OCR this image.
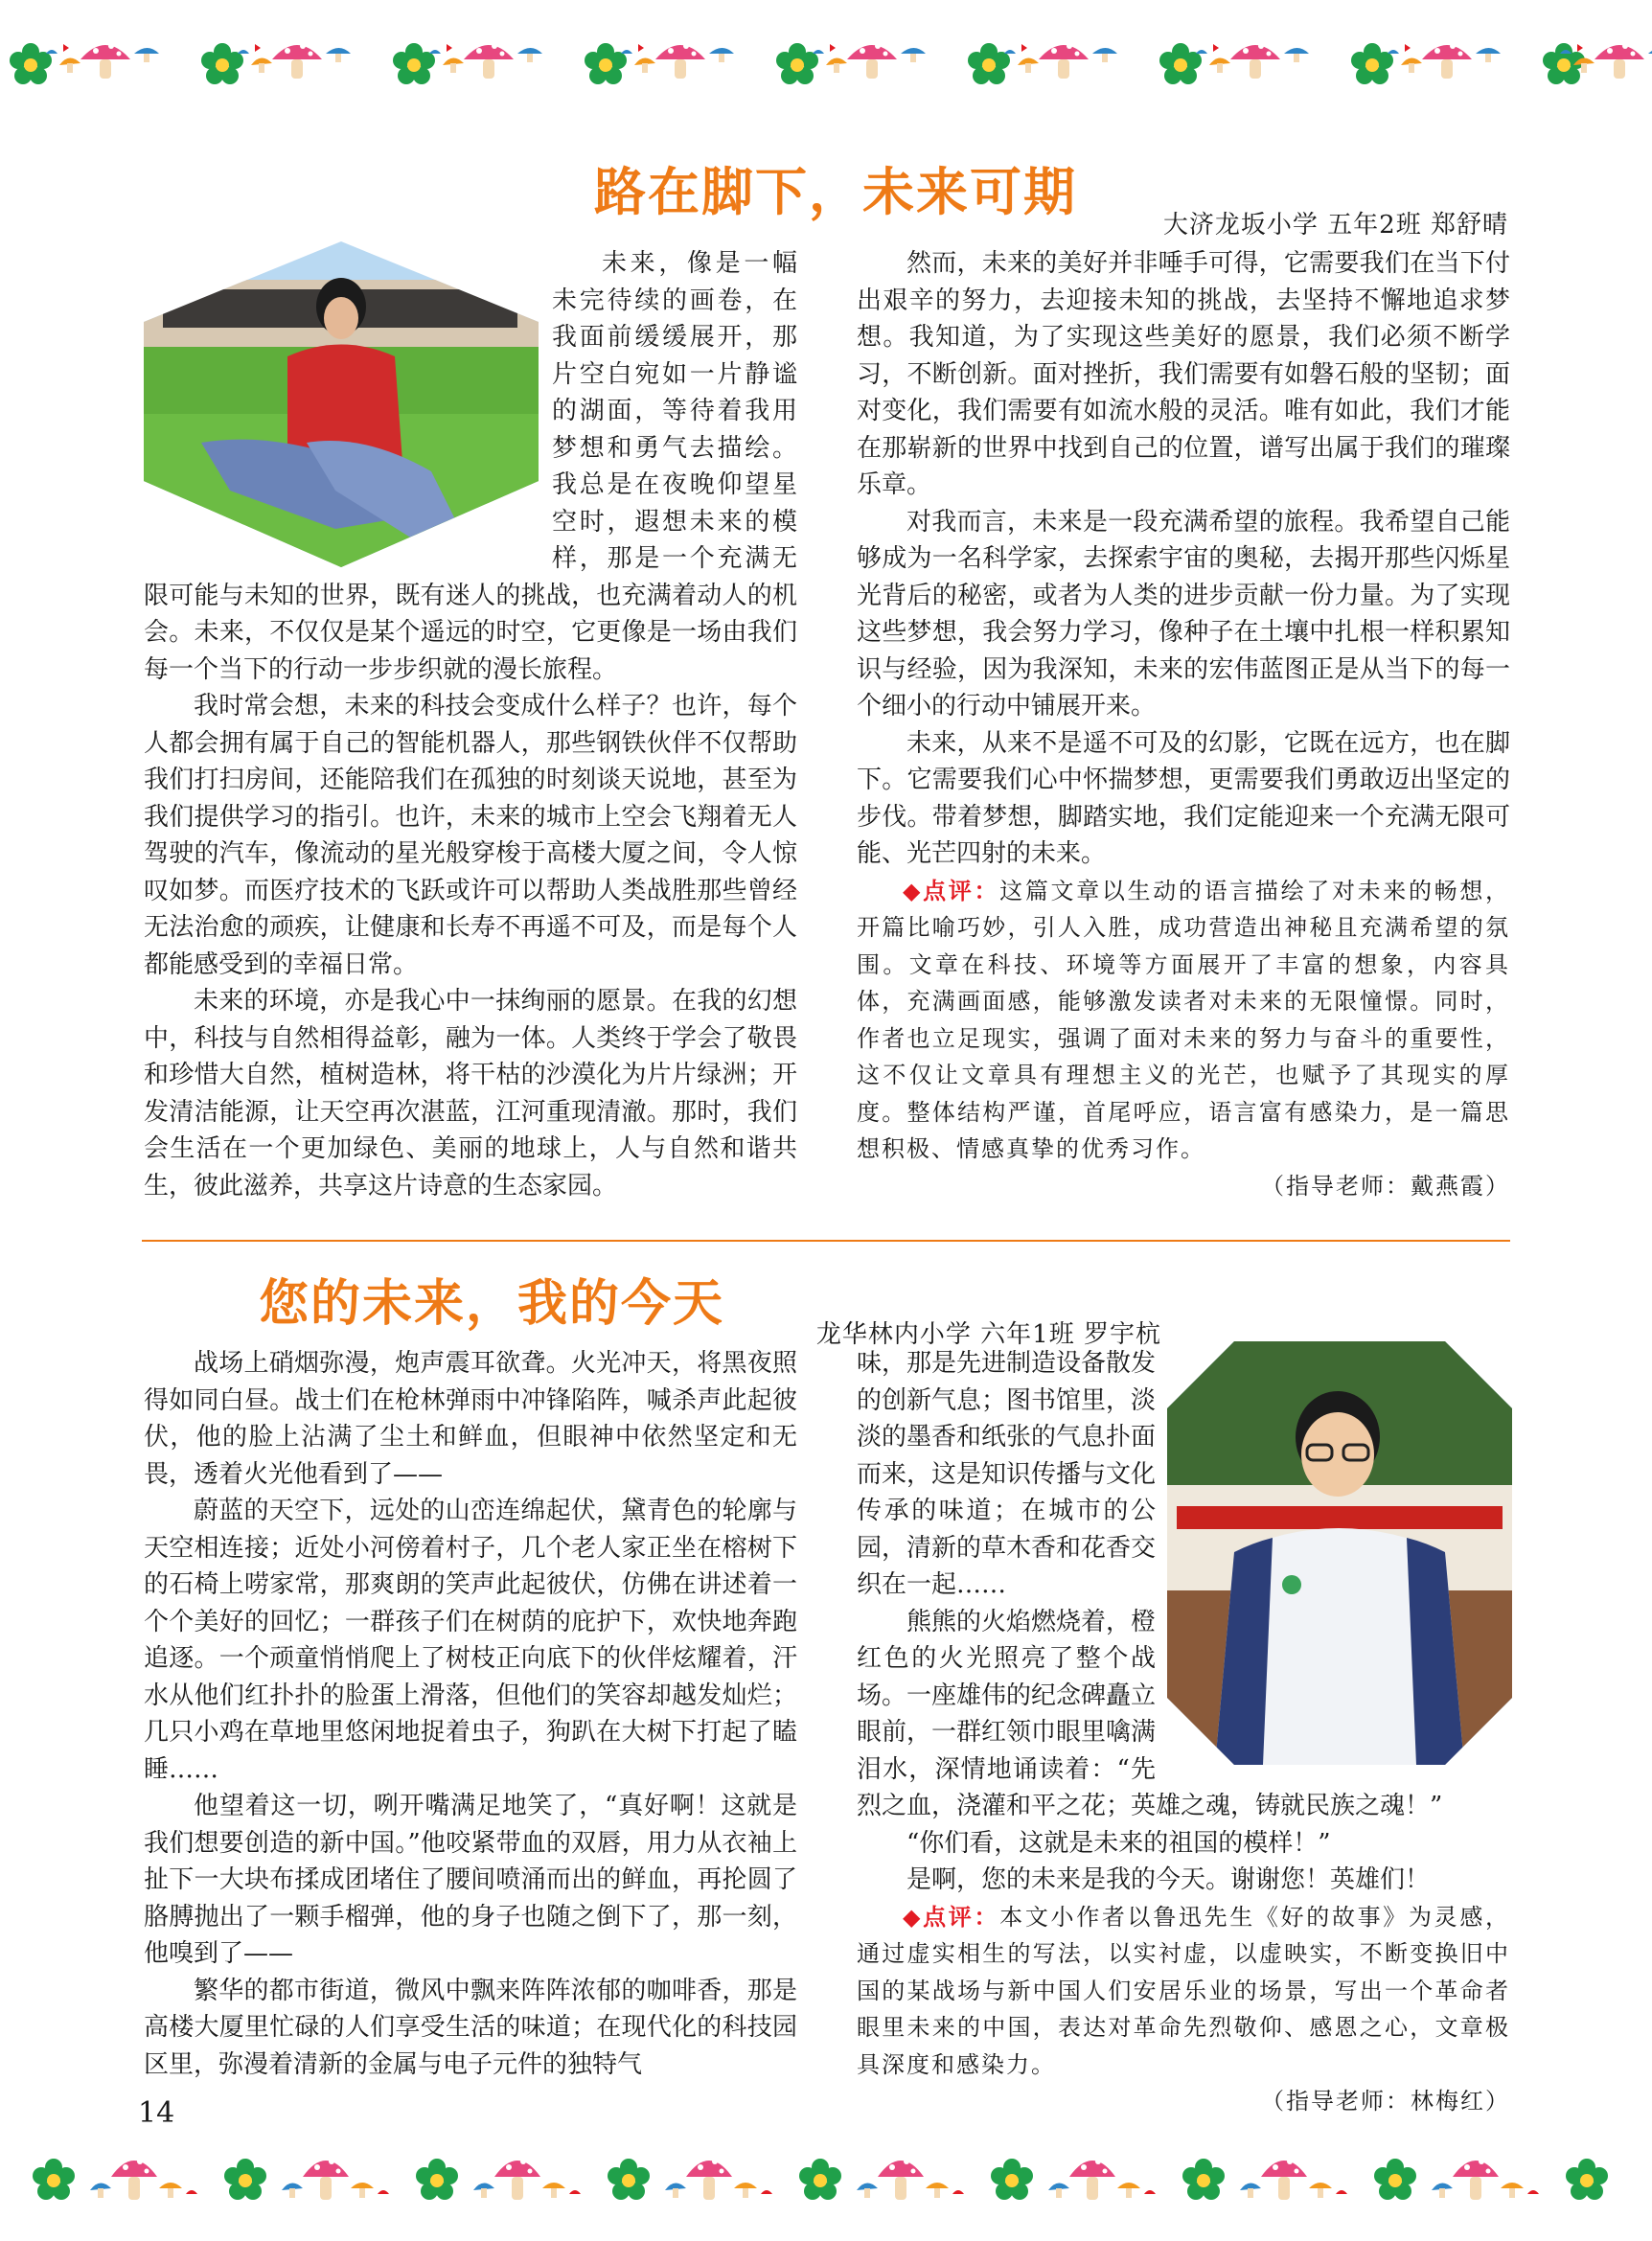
路在脚下，未来可期
大济龙坂小学 五年2班 郑舒晴

未来，像是一幅未完待续的画卷，在我面前缓缓展开，那片空白宛如一片静谧的湖面，等待着我用梦想和勇气去描绘。我总是在夜晚仰望星空时，遐想未来的模样，那是一个充满无限可能与未知的世界，既有迷人的挑战，也充满着动人的机会。未来，不仅仅是某个遥远的时空，它更像是一场由我们每一个当下的行动一步步织就的漫长旅程。

我时常会想，未来的科技会变成什么样子？也许，每个人都会拥有属于自己的智能机器人，那些钢铁伙伴不仅帮助我们打扫房间，还能陪我们在孤独的时刻谈天说地，甚至为我们提供学习的指引。也许，未来的城市上空会飞翔着无人驾驶的汽车，像流动的星光般穿梭于高楼大厦之间，令人惊叹如梦。而医疗技术的飞跃或许可以帮助人类战胜那些曾经无法治愈的顽疾，让健康和长寿不再遥不可及，而是每个人都能感受到的幸福日常。

未来的环境，亦是我心中一抹绚丽的愿景。在我的幻想中，科技与自然相得益彰，融为一体。人类终于学会了敬畏和珍惜大自然，植树造林，将干枯的沙漠化为片片绿洲；开发清洁能源，让天空再次湛蓝，江河重现清澈。那时，我们会生活在一个更加绿色、美丽的地球上，人与自然和谐共生，彼此滋养，共享这片诗意的生态家园。

然而，未来的美好并非唾手可得，它需要我们在当下付出艰辛的努力，去迎接未知的挑战，去坚持不懈地追求梦想。我知道，为了实现这些美好的愿景，我们必须不断学习，不断创新。面对挫折，我们需要有如磐石般的坚韧；面对变化，我们需要有如流水般的灵活。唯有如此，我们才能在那崭新的世界中找到自己的位置，谱写出属于我们的璀璨乐章。

对我而言，未来是一段充满希望的旅程。我希望自己能够成为一名科学家，去探索宇宙的奥秘，去揭开那些闪烁星光背后的秘密，或者为人类的进步贡献一份力量。为了实现这些梦想，我会努力学习，像种子在土壤中扎根一样积累知识与经验，因为我深知，未来的宏伟蓝图正是从当下的每一个细小的行动中铺展开来。

未来，从来不是遥不可及的幻影，它既在远方，也在脚下。它需要我们心中怀揣梦想，更需要我们勇敢迈出坚定的步伐。带着梦想，脚踏实地，我们定能迎来一个充满无限可能、光芒四射的未来。

◆点评：这篇文章以生动的语言描绘了对未来的畅想，开篇比喻巧妙，引人入胜，成功营造出神秘且充满希望的氛围。文章在科技、环境等方面展开了丰富的想象，内容具体，充满画面感，能够激发读者对未来的无限憧憬。同时，作者也立足现实，强调了面对未来的努力与奋斗的重要性，这不仅让文章具有理想主义的光芒，也赋予了其现实的厚度。整体结构严谨，首尾呼应，语言富有感染力，是一篇思想积极、情感真挚的优秀习作。
（指导老师：戴燕霞）

您的未来，我的今天
龙华林内小学 六年1班 罗宇杭

战场上硝烟弥漫，炮声震耳欲聋。火光冲天，将黑夜照得如同白昼。战士们在枪林弹雨中冲锋陷阵，喊杀声此起彼伏，他的脸上沾满了尘土和鲜血，但眼神中依然坚定和无畏，透着火光他看到了——

蔚蓝的天空下，远处的山峦连绵起伏，黛青色的轮廓与天空相连接；近处小河傍着村子，几个老人家正坐在榕树下的石椅上唠家常，那爽朗的笑声此起彼伏，仿佛在讲述着一个个美好的回忆；一群孩子们在树荫的庇护下，欢快地奔跑追逐。一个顽童悄悄爬上了树枝正向底下的伙伴炫耀着，汗水从他们红扑扑的脸蛋上滑落，但他们的笑容却越发灿烂；几只小鸡在草地里悠闲地捉着虫子，狗趴在大树下打起了瞌睡……

他望着这一切，咧开嘴满足地笑了，“真好啊！这就是我们想要创造的新中国。”他咬紧带血的双唇，用力从衣袖上扯下一大块布揉成团堵住了腰间喷涌而出的鲜血，再抡圆了胳膊抛出了一颗手榴弹，他的身子也随之倒下了，那一刻，他嗅到了——

繁华的都市街道，微风中飘来阵阵浓郁的咖啡香，那是高楼大厦里忙碌的人们享受生活的味道；在现代化的科技园区里，弥漫着清新的金属与电子元件的独特气

味，那是先进制造设备散发的创新气息；图书馆里，淡淡的墨香和纸张的气息扑面而来，这是知识传播与文化传承的味道；在城市的公园，清新的草木香和花香交织在一起……

熊熊的火焰燃烧着，橙红色的火光照亮了整个战场。一座雄伟的纪念碑矗立眼前，一群红领巾眼里噙满泪水，深情地诵读着：“先烈之血，浇灌和平之花；英雄之魂，铸就民族之魂！”

“你们看，这就是未来的祖国的模样！”

是啊，您的未来是我的今天。谢谢您！英雄们！

◆点评：本文小作者以鲁迅先生《好的故事》为灵感，通过虚实相生的写法，以实衬虚，以虚映实，不断变换旧中国的某战场与新中国人们安居乐业的场景，写出一个革命者眼里未来的中国，表达对革命先烈敬仰、感恩之心，文章极具深度和感染力。
（指导老师：林梅红）

14
